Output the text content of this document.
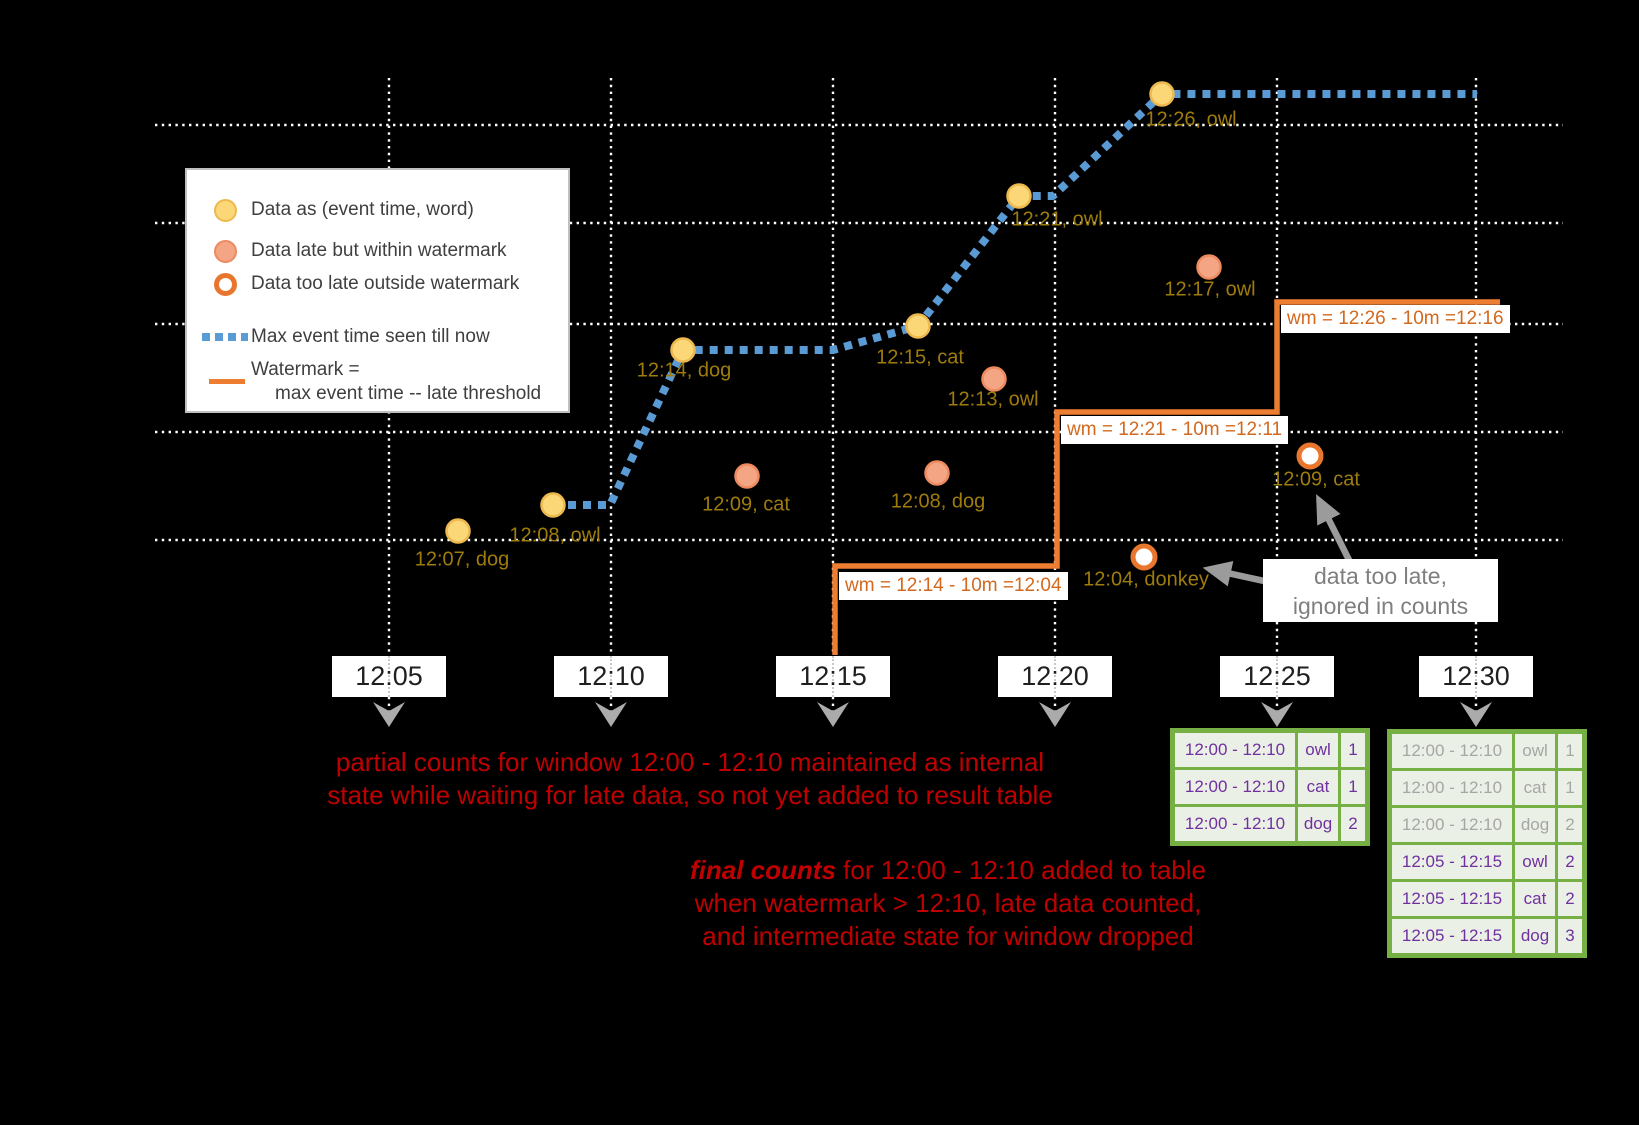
Data as (event time, word)
Data late but within watermark
Data too late outside watermark
Max event time seen till now
Watermark =
max event time -- late threshold
partial counts for window 12:00 - 12:10 maintained as internal
state while waiting for late data, so not yet added to result table
final counts for 12:00 - 12:10 added to table
when watermark > 12:10, late data counted,
and intermediate state for window dropped
data too late,
ignored in counts
12:07, dog
12:08, owl
12:14, dog
12:15, cat
12:21, owl
12:26, owl
12:09, cat	12:08, dog
12:13, owl
12:17, owl
12:04, donkey
12:09, cat
wm = 12:14 - 10m =12:04
wm = 12:21 - 10m =12:11
wm = 12:26 - 10m =12:16
12:05	12:10	12:15	12:20	12:25	12:30
12:00 - 12:10	owl	1
12:00 - 12:10	cat	1
12:00 - 12:10	dog 2
12:00 - 12:10	owl	1
12:00 - 12:10	cat	1
12:00 - 12:10	dog 2
12:05 - 12:15	owl	2
12:05 - 12:15	cat	2
12:05 - 12:15	dog 3
